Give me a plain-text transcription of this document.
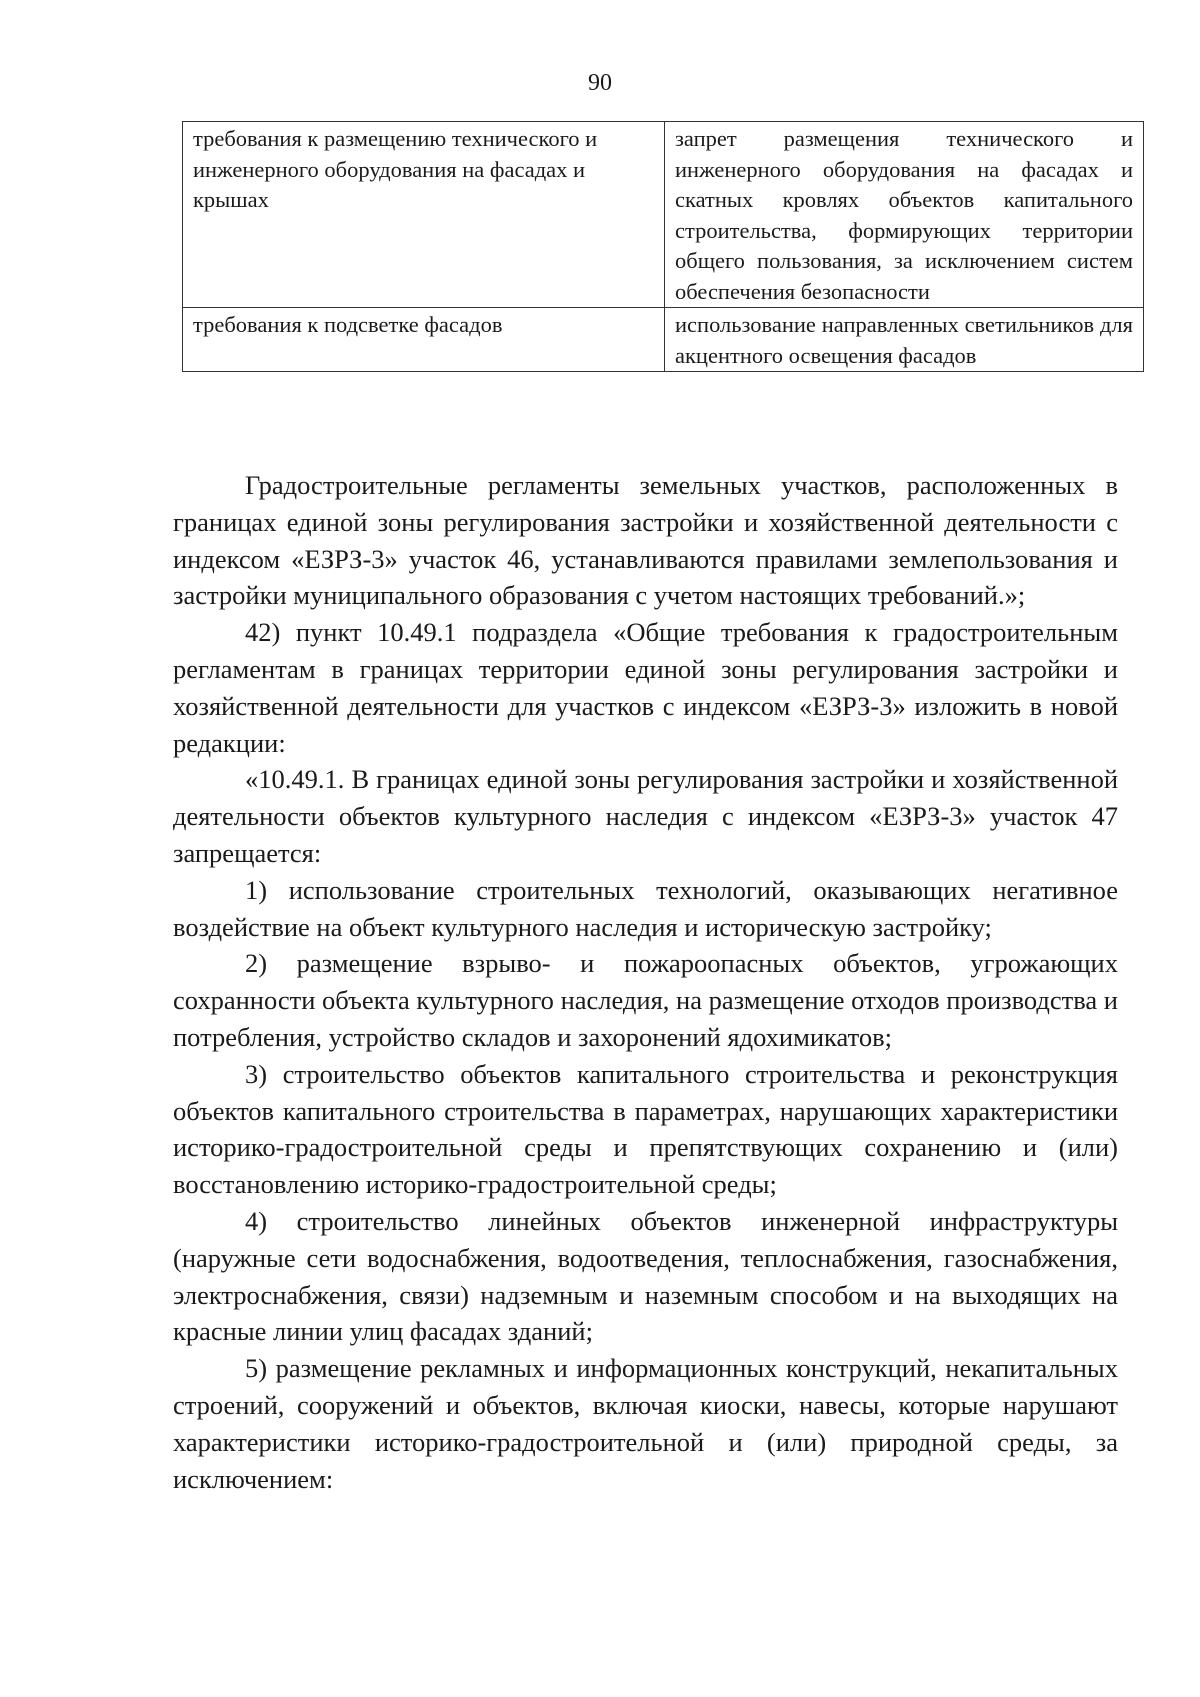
90
требования к размещению технического и инженерного оборудования на фасадах и крышах	запрет размещения технического и инженерного оборудования на фасадах и скатных кровлях объектов капитального строительства, формирующих территории общего пользования, за исключением систем обеспечения безопасности
требования к подсветке фасадов	использование направленных светильников для акцентного освещения фасадов

Градостроительные регламенты земельных участков, расположенных в границах единой зоны регулирования застройки и хозяйственной деятельности с индексом «ЕЗРЗ-3» участок 46, устанавливаются правилами землепользования и застройки муниципального образования с учетом настоящих требований.»;

42) пункт 10.49.1 подраздела «Общие требования к градостроительным регламентам в границах территории единой зоны регулирования застройки и хозяйственной деятельности для участков с индексом «ЕЗРЗ-3» изложить в новой редакции:

«10.49.1. В границах единой зоны регулирования застройки и хозяйственной деятельности объектов культурного наследия с индексом «ЕЗРЗ-3» участок 47 запрещается:

1) использование строительных технологий, оказывающих негативное воздействие на объект культурного наследия и историческую застройку;

2) размещение взрыво- и пожароопасных объектов, угрожающих сохранности объекта культурного наследия, на размещение отходов производства и потребления, устройство складов и захоронений ядохимикатов;

3) строительство объектов капитального строительства и реконструкция объектов капитального строительства в параметрах, нарушающих характеристики историко-градостроительной среды и препятствующих сохранению и (или) восстановлению историко-градостроительной среды;

4) строительство линейных объектов инженерной инфраструктуры (наружные сети водоснабжения, водоотведения, теплоснабжения, газоснабжения, электроснабжения, связи) надземным и наземным способом и на выходящих на красные линии улиц фасадах зданий;

5) размещение рекламных и информационных конструкций, некапитальных строений, сооружений и объектов, включая киоски, навесы, которые нарушают характеристики историко-градостроительной и (или) природной среды, за исключением:
